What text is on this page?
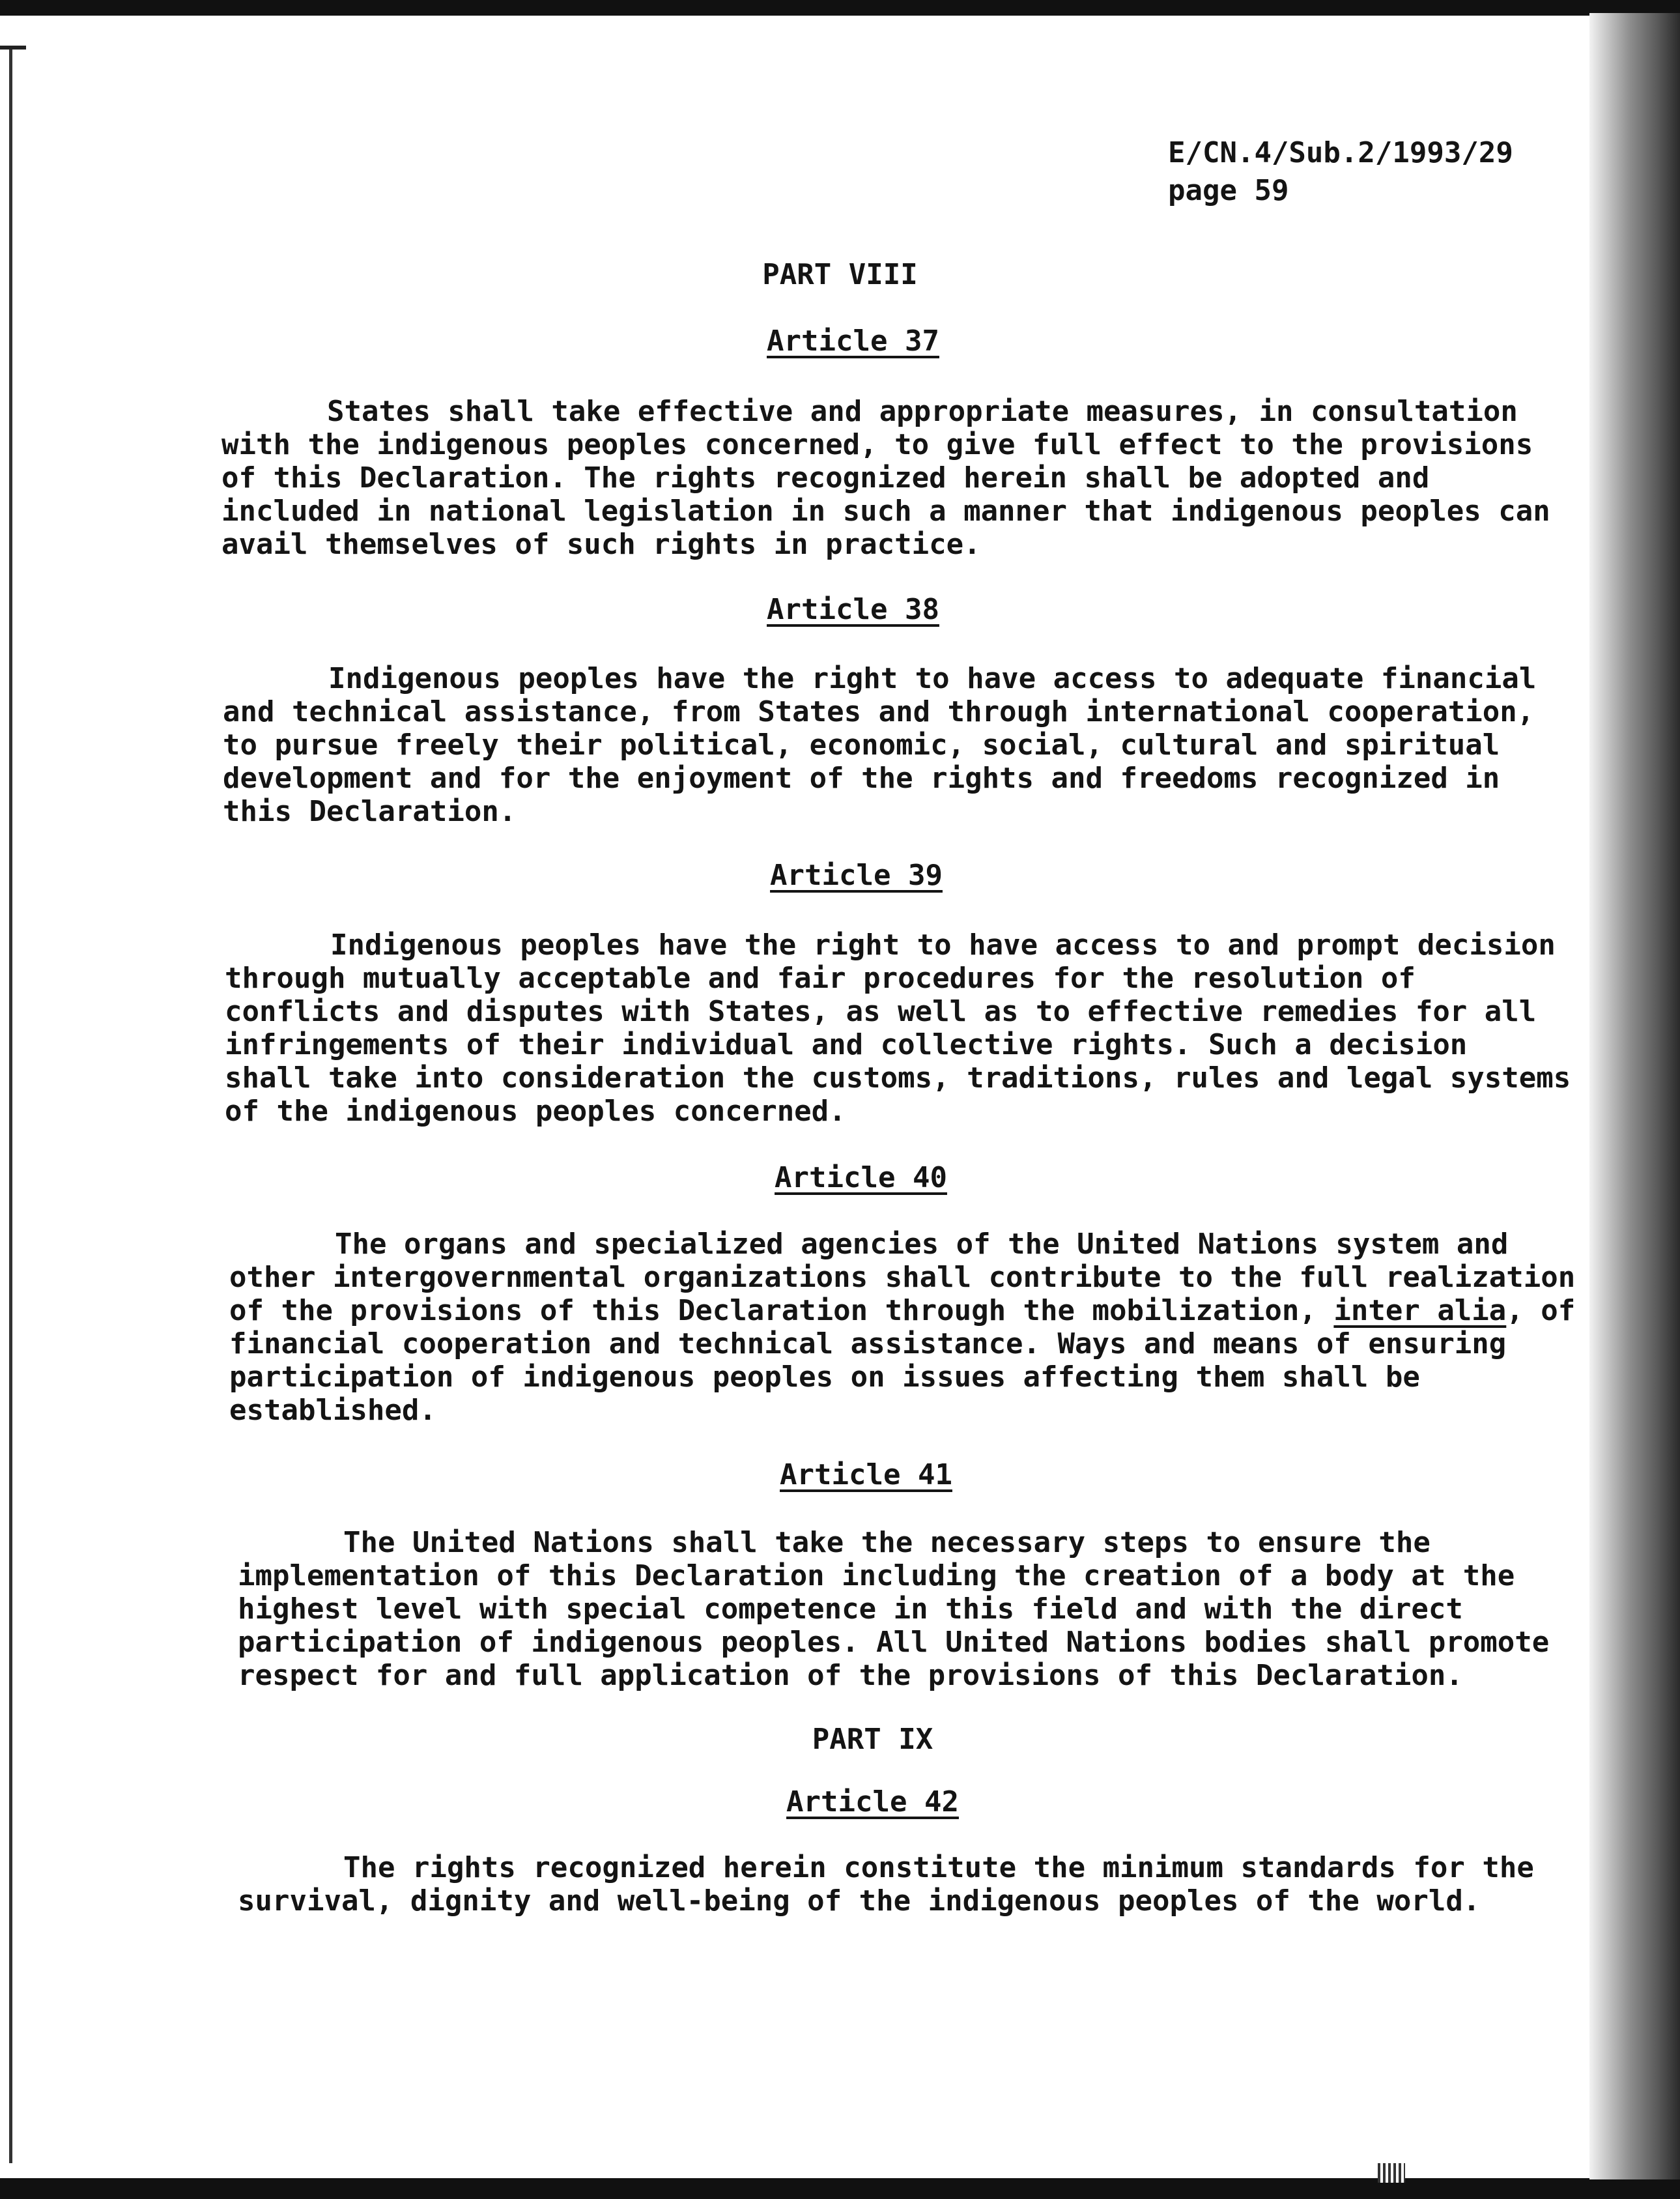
E/CN.4/Sub.2/1993/29
page 59
PART VIII
Article 37
States shall take effective and appropriate measures, in consultation
with the indigenous peoples concerned, to give full effect to the provisions
of this Declaration. The rights recognized herein shall be adopted and
included in national legislation in such a manner that indigenous peoples can
avail themselves of such rights in practice.
Article 38
Indigenous peoples have the right to have access to adequate financial
and technical assistance, from States and through international cooperation,
to pursue freely their political, economic, social, cultural and spiritual
development and for the enjoyment of the rights and freedoms recognized in
this Declaration.
Article 39
Indigenous peoples have the right to have access to and prompt decision
through mutually acceptable and fair procedures for the resolution of
conflicts and disputes with States, as well as to effective remedies for all
infringements of their individual and collective rights. Such a decision
shall take into consideration the customs, traditions, rules and legal systems
of the indigenous peoples concerned.
Article 40
The organs and specialized agencies of the United Nations system and
other intergovernmental organizations shall contribute to the full realization
of the provisions of this Declaration through the mobilization, inter alia, of
financial cooperation and technical assistance. Ways and means of ensuring
participation of indigenous peoples on issues affecting them shall be
established.
Article 41
The United Nations shall take the necessary steps to ensure the
implementation of this Declaration including the creation of a body at the
highest level with special competence in this field and with the direct
participation of indigenous peoples. All United Nations bodies shall promote
respect for and full application of the provisions of this Declaration.
PART IX
Article 42
The rights recognized herein constitute the minimum standards for the
survival, dignity and well-being of the indigenous peoples of the world.
